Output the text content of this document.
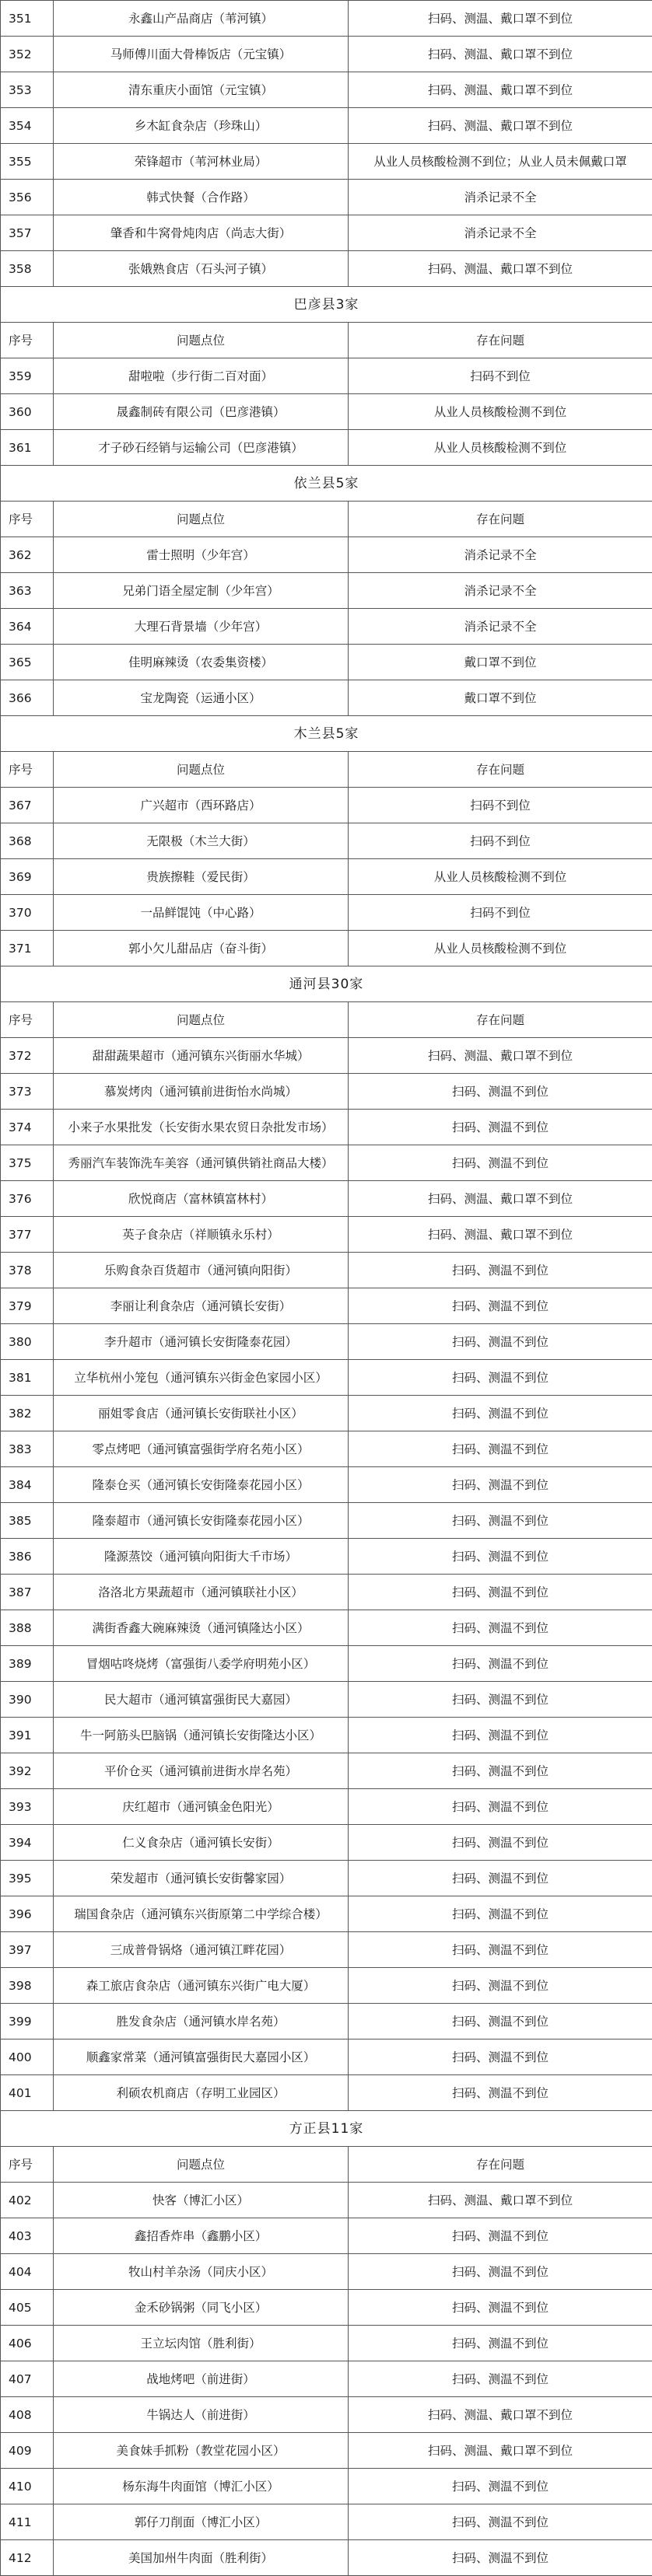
351	永鑫山产品商店（苇河镇）	扫码、测温、戴口罩不到位
352	马师傅川面大骨棒饭店（元宝镇）	扫码、测温、戴口罩不到位
353	清东重庆小面馆（元宝镇）	扫码、测温、戴口罩不到位
354	乡木缸食杂店（珍珠山）	扫码、测温、戴口罩不到位
355	荣锋超市（苇河林业局）	从业人员核酸检测不到位；从业人员未佩戴口罩
356	韩式快餐（合作路）	消杀记录不全
357	肇香和牛窝骨炖肉店（尚志大街）	消杀记录不全
358	张娥熟食店（石头河子镇）	扫码、测温、戴口罩不到位
巴彦县3家		
序号	问题点位	存在问题
359	甜啦啦（步行街二百对面）	扫码不到位
360	晟鑫制砖有限公司（巴彦港镇）	从业人员核酸检测不到位
361	才子砂石经销与运输公司（巴彦港镇）	从业人员核酸检测不到位
依兰县5家		
序号	问题点位	存在问题
362	雷士照明（少年宫）	消杀记录不全
363	兄弟门语全屋定制（少年宫）	消杀记录不全
364	大理石背景墙（少年宫）	消杀记录不全
365	佳明麻辣烫（农委集资楼）	戴口罩不到位
366	宝龙陶瓷（运通小区）	戴口罩不到位
木兰县5家		
序号	问题点位	存在问题
367	广兴超市（西环路店）	扫码不到位
368	无限极（木兰大街）	扫码不到位
369	贵族擦鞋（爱民街）	从业人员核酸检测不到位
370	一品鲜馄饨（中心路）	扫码不到位
371	郭小欠儿甜品店（奋斗街）	从业人员核酸检测不到位
通河县30家		
序号	问题点位	存在问题
372	甜甜蔬果超市（通河镇东兴街丽水华城）	扫码、测温、戴口罩不到位
373	慕炭烤肉（通河镇前进街怡水尚城）	扫码、测温不到位
374	小来子水果批发（长安街水果农贸日杂批发市场）	扫码、测温不到位
375	秀丽汽车装饰洗车美容（通河镇供销社商品大楼）	扫码、测温不到位
376	欣悦商店（富林镇富林村）	扫码、测温、戴口罩不到位
377	英子食杂店（祥顺镇永乐村）	扫码、测温、戴口罩不到位
378	乐购食杂百货超市（通河镇向阳街）	扫码、测温不到位
379	李丽让利食杂店（通河镇长安街）	扫码、测温不到位
380	李升超市（通河镇长安街隆泰花园）	扫码、测温不到位
381	立华杭州小笼包（通河镇东兴街金色家园小区）	扫码、测温不到位
382	丽姐零食店（通河镇长安街联社小区）	扫码、测温不到位
383	零点烤吧（通河镇富强街学府名苑小区）	扫码、测温不到位
384	隆泰仓买（通河镇长安街隆泰花园小区）	扫码、测温不到位
385	隆泰超市（通河镇长安街隆泰花园小区）	扫码、测温不到位
386	隆源蒸饺（通河镇向阳街大千市场）	扫码、测温不到位
387	洛洛北方果蔬超市（通河镇联社小区）	扫码、测温不到位
388	满街香鑫大碗麻辣烫（通河镇隆达小区）	扫码、测温不到位
389	冒烟咕咚烧烤（富强街八委学府明苑小区）	扫码、测温不到位
390	民大超市（通河镇富强街民大嘉园）	扫码、测温不到位
391	牛一阿筋头巴脑锅（通河镇长安街隆达小区）	扫码、测温不到位
392	平价仓买（通河镇前进街水岸名苑）	扫码、测温不到位
393	庆红超市（通河镇金色阳光）	扫码、测温不到位
394	仁义食杂店（通河镇长安街）	扫码、测温不到位
395	荣发超市（通河镇长安街馨家园）	扫码、测温不到位
396	瑞国食杂店（通河镇东兴街原第二中学综合楼）	扫码、测温不到位
397	三成普骨锅烙（通河镇江畔花园）	扫码、测温不到位
398	森工旅店食杂店（通河镇东兴街广电大厦）	扫码、测温不到位
399	胜发食杂店（通河镇水岸名苑）	扫码、测温不到位
400	顺鑫家常菜（通河镇富强街民大嘉园小区）	扫码、测温不到位
401	利硕农机商店（存明工业园区）	扫码、测温不到位
方正县11家		
序号	问题点位	存在问题
402	快客（博汇小区）	扫码、测温、戴口罩不到位
403	鑫招香炸串（鑫鹏小区）	扫码、测温不到位
404	牧山村羊杂汤（同庆小区）	扫码、测温不到位
405	金禾砂锅粥（同飞小区）	扫码、测温不到位
406	王立坛肉馆（胜利街）	扫码、测温不到位
407	战地烤吧（前进街）	扫码、测温不到位
408	牛锅达人（前进街）	扫码、测温、戴口罩不到位
409	美食妹手抓粉（教堂花园小区）	扫码、测温、戴口罩不到位
410	杨东海牛肉面馆（博汇小区）	扫码、测温不到位
411	郭仔刀削面（博汇小区）	扫码、测温不到位
412	美国加州牛肉面（胜利街）	扫码、测温不到位
